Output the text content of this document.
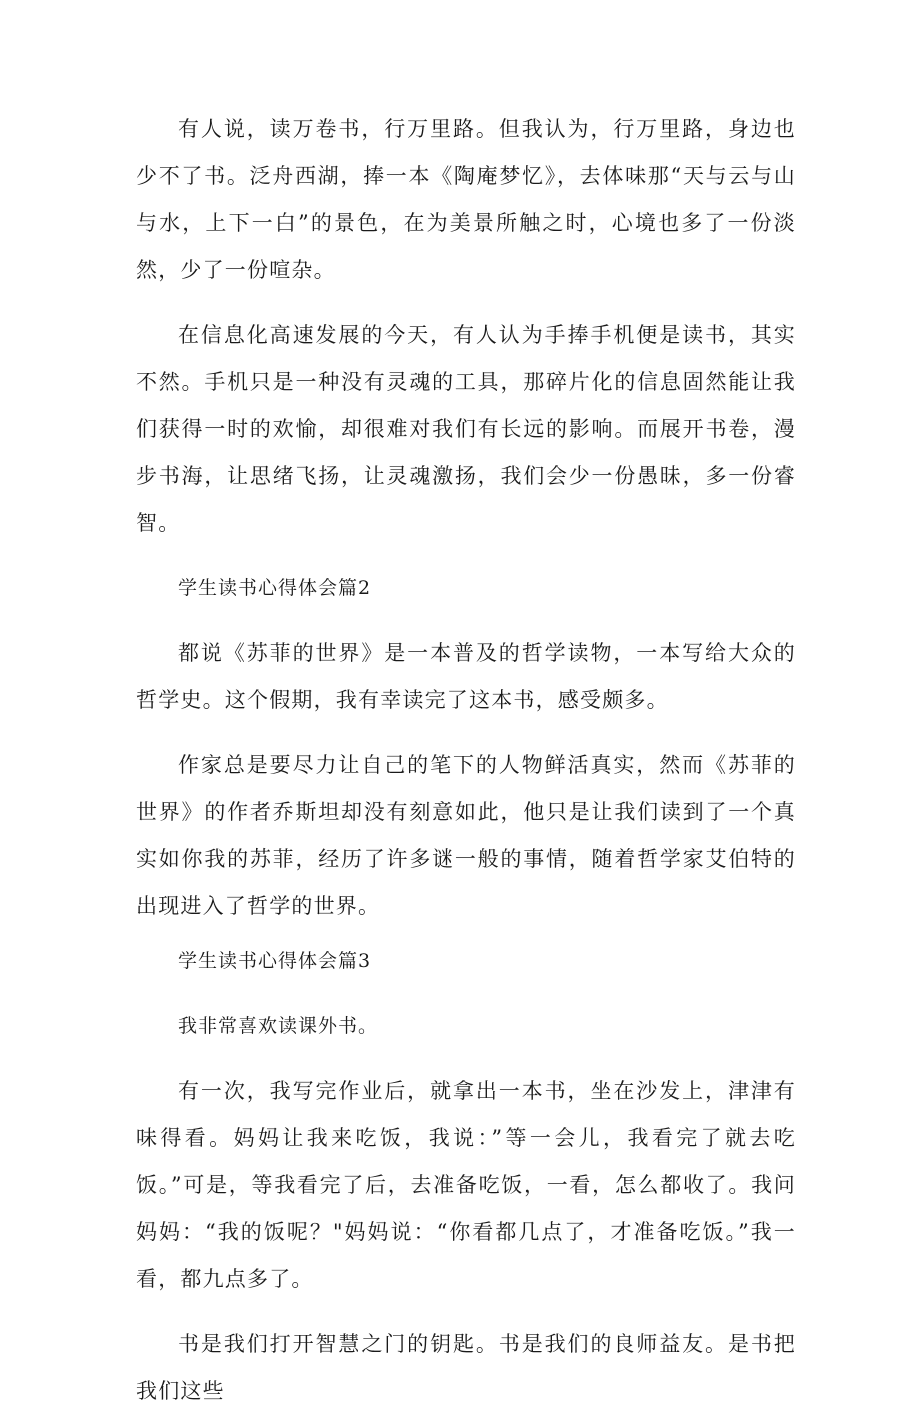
有人说，读万卷书，行万里路。但我认为，行万里路，身边也少不了书。泛舟西湖，捧一本《陶庵梦忆》，去体味那“天与云与山与水，上下一白”的景色，在为美景所触之时，心境也多了一份淡然，少了一份喧杂。

在信息化高速发展的今天，有人认为手捧手机便是读书，其实不然。手机只是一种没有灵魂的工具，那碎片化的信息固然能让我们获得一时的欢愉，却很难对我们有长远的影响。而展开书卷，漫步书海，让思绪飞扬，让灵魂激扬，我们会少一份愚昧，多一份睿智。

学生读书心得体会篇2

都说《苏菲的世界》是一本普及的哲学读物，一本写给大众的哲学史。这个假期，我有幸读完了这本书，感受颇多。

作家总是要尽力让自己的笔下的人物鲜活真实，然而《苏菲的世界》的作者乔斯坦却没有刻意如此，他只是让我们读到了一个真实如你我的苏菲，经历了许多谜一般的事情，随着哲学家艾伯特的出现进入了哲学的世界。

学生读书心得体会篇3

我非常喜欢读课外书。

有一次，我写完作业后，就拿出一本书，坐在沙发上，津津有味得看。妈妈让我来吃饭，我说：”等一会儿，我看完了就去吃饭。”可是，等我看完了后，去准备吃饭，一看，怎么都收了。我问妈妈：“我的饭呢？"妈妈说：“你看都几点了，才准备吃饭。”我一看，都九点多了。

书是我们打开智慧之门的钥匙。书是我们的良师益友。是书把我们这些
